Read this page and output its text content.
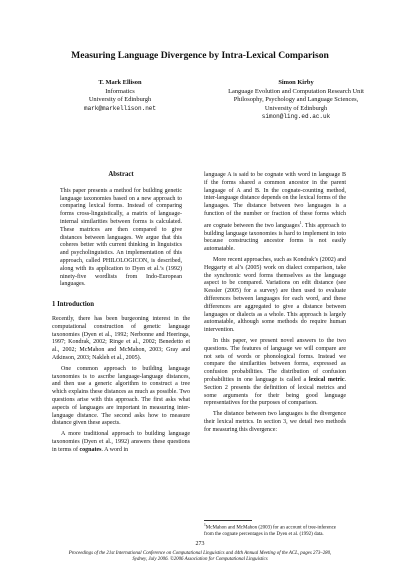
Measuring Language Divergence by Intra-Lexical Comparison
T. Mark Ellison
Informatics
University of Edinburgh
mark@markellison.net
Simon Kirby
Language Evolution and Computation Research Unit
Philosophy, Psychology and Language Sciences,
University of Edinburgh
simon@ling.ed.ac.uk
Abstract

This paper presents a method for building genetic language taxonomies based on a new approach to comparing lexical forms. Instead of comparing forms cross-linguistically, a matrix of language-internal similarities between forms is calculated. These matrices are then compared to give distances between languages. We argue that this coheres better with current thinking in linguistics and psycholinguistics. An implementation of this approach, called PHILOLOGICON, is described, along with its application to Dyen et al.’s (1992) ninety-five wordlists from Indo-European languages.

1 Introduction

Recently, there has been burgeoning interest in the computational construction of genetic language taxonomies (Dyen et al., 1992; Nerbonne and Heeringa, 1997; Kondrak, 2002; Ringe et al., 2002; Benedetto et al., 2002; McMahon and McMahon, 2003; Gray and Atkinson, 2003; Nakleh et al., 2005).

One common approach to building language taxonomies is to ascribe language-language distances, and then use a generic algorithm to construct a tree which explains these distances as much as possible. Two questions arise with this approach. The first asks what aspects of languages are important in measuring inter-language distance. The second asks how to measure distance given these aspects.

A more traditional approach to building language taxonomies (Dyen et al., 1992) answers these questions in terms of cognates. A word in

language A is said to be cognate with word in language B if the forms shared a common ancestor in the parent language of A and B. In the cognate-counting method, inter-language distance depends on the lexical forms of the languages. The distance between two languages is a function of the number or fraction of these forms which are cognate between the two languages$^1$. This approach to building language taxonomies is hard to implement in toto because constructing ancestor forms is not easily automatable.

More recent approaches, such as Kondrak’s (2002) and Heggarty et al’s (2005) work on dialect comparison, take the synchronic word forms themselves as the language aspect to be compared. Variations on edit distance (see Kessler (2005) for a survey) are then used to evaluate differences between languages for each word, and these differences are aggregated to give a distance between languages or dialects as a whole. This approach is largely automatable, although some methods do require human intervention.

In this paper, we present novel answers to the two questions. The features of language we will compare are not sets of words or phonological forms. Instead we compare the similarities between forms, expressed as confusion probabilities. The distribution of confusion probabilities in one language is called a lexical metric. Section 2 presents the definition of lexical metrics and some arguments for their being good language representatives for the purposes of comparison.

The distance between two languages is the divergence their lexical metrics. In section 3, we detail two methods for measuring this divergence:

$^1$McMahon and McMahon (2003) for an account of tree-inference from the cognate percentages in the Dyen et al. (1992) data.
273
Proceedings of the 21st International Conference on Computational Linguistics and 44th Annual Meeting of the ACL, pages 273–280,
Sydney, July 2006. ©2006 Association for Computational Linguistics
